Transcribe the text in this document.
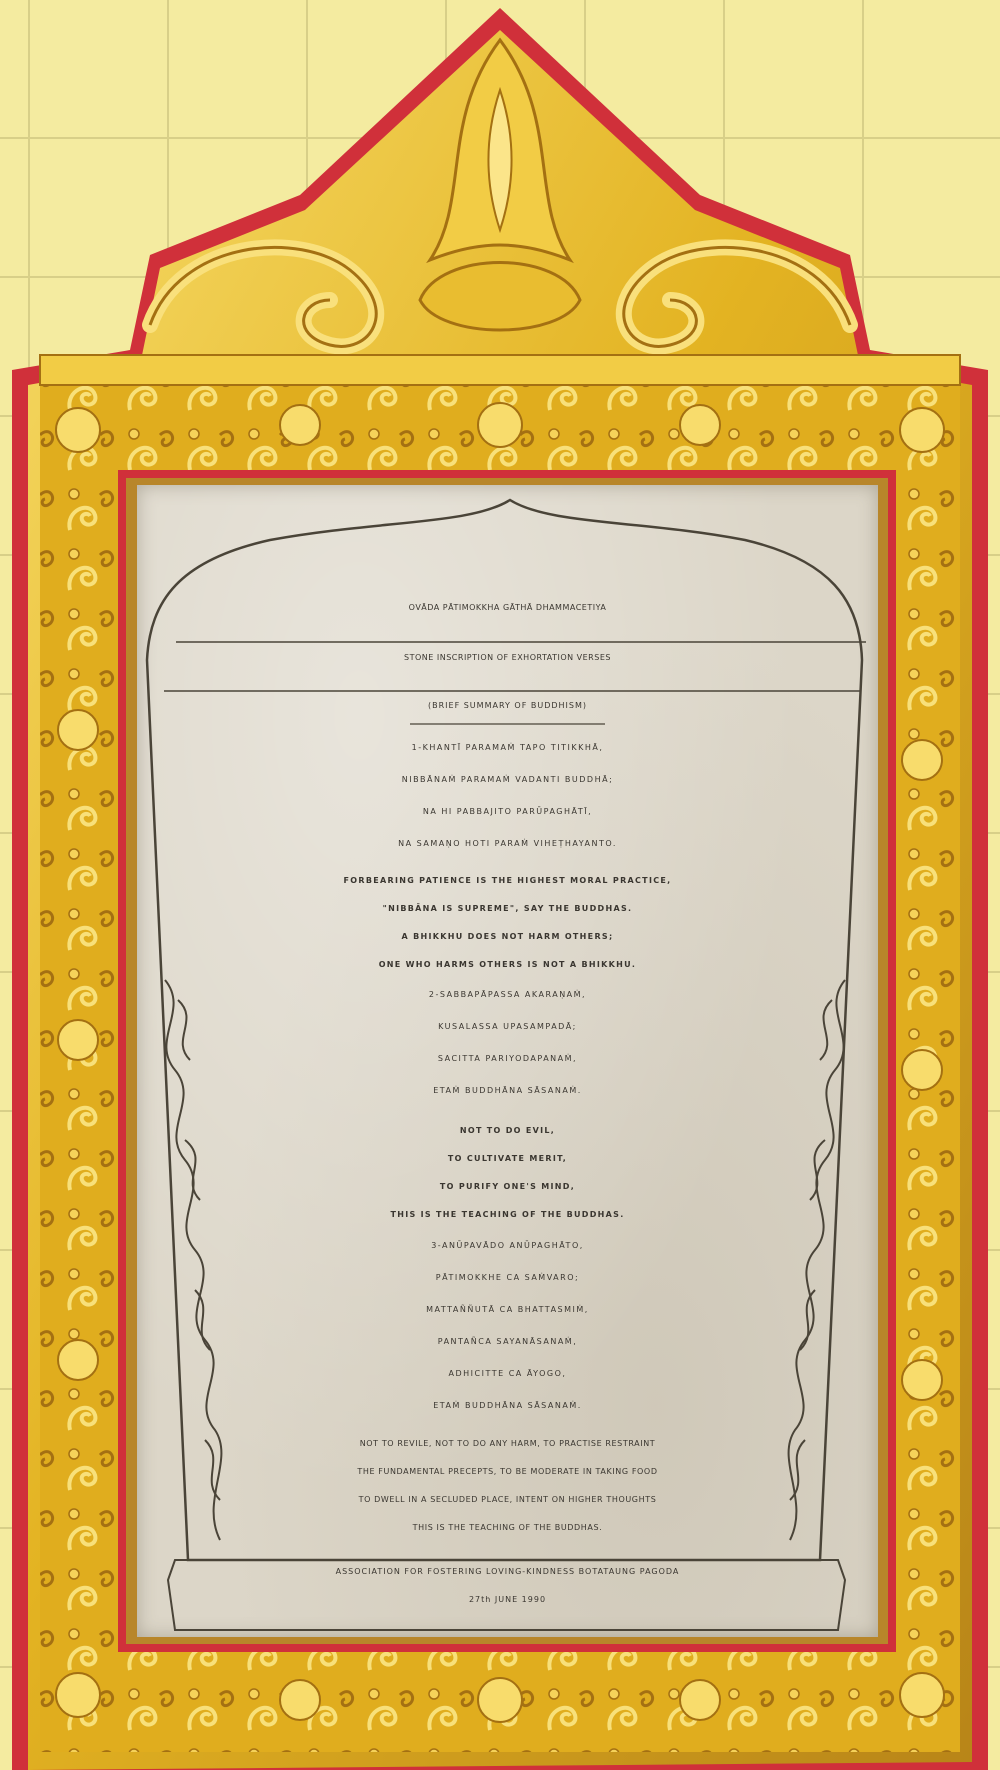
OVĀDA PĀTIMOKKHA GĀTHĀ DHAMMACETIYA
STONE INSCRIPTION OF EXHORTATION VERSES
(BRIEF SUMMARY OF BUDDHISM)
1-KHANTĪ PARAMAṀ TAPO TITIKKHĀ,
NIBBĀNAṀ PARAMAṀ VADANTI BUDDHĀ;
NA HI PABBAJITO PARŪPAGHĀTĪ,
NA SAMAṆO HOTI PARAṀ VIHEṬHAYANTO.
FORBEARING PATIENCE IS THE HIGHEST MORAL PRACTICE,
"NIBBĀNA IS SUPREME", SAY THE BUDDHAS.
A BHIKKHU DOES NOT HARM OTHERS;
ONE WHO HARMS OTHERS IS NOT A BHIKKHU.
2-SABBAPĀPASSA AKARAṆAṀ,
KUSALASSA UPASAMPADĀ;
SACITTA PARIYODAPANAṀ,
ETAṀ BUDDHĀNA SĀSANAṀ.
NOT TO DO EVIL,
TO CULTIVATE MERIT,
TO PURIFY ONE'S MIND,
THIS IS THE TEACHING OF THE BUDDHAS.
3-ANŪPAVĀDO ANŪPAGHĀTO,
PĀTIMOKKHE CA SAṀVARO;
MATTAÑÑUTĀ CA BHATTASMIṀ,
PANTAÑCA SAYANĀSANAṀ,
ADHICITTE CA ĀYOGO,
ETAṀ BUDDHĀNA SĀSANAṀ.
NOT TO REVILE, NOT TO DO ANY HARM, TO PRACTISE RESTRAINT
THE FUNDAMENTAL PRECEPTS, TO BE MODERATE IN TAKING FOOD
TO DWELL IN A SECLUDED PLACE, INTENT ON HIGHER THOUGHTS
THIS IS THE TEACHING OF THE BUDDHAS.
ASSOCIATION FOR FOSTERING LOVING-KINDNESS BOTATAUNG PAGODA
27th JUNE 1990
